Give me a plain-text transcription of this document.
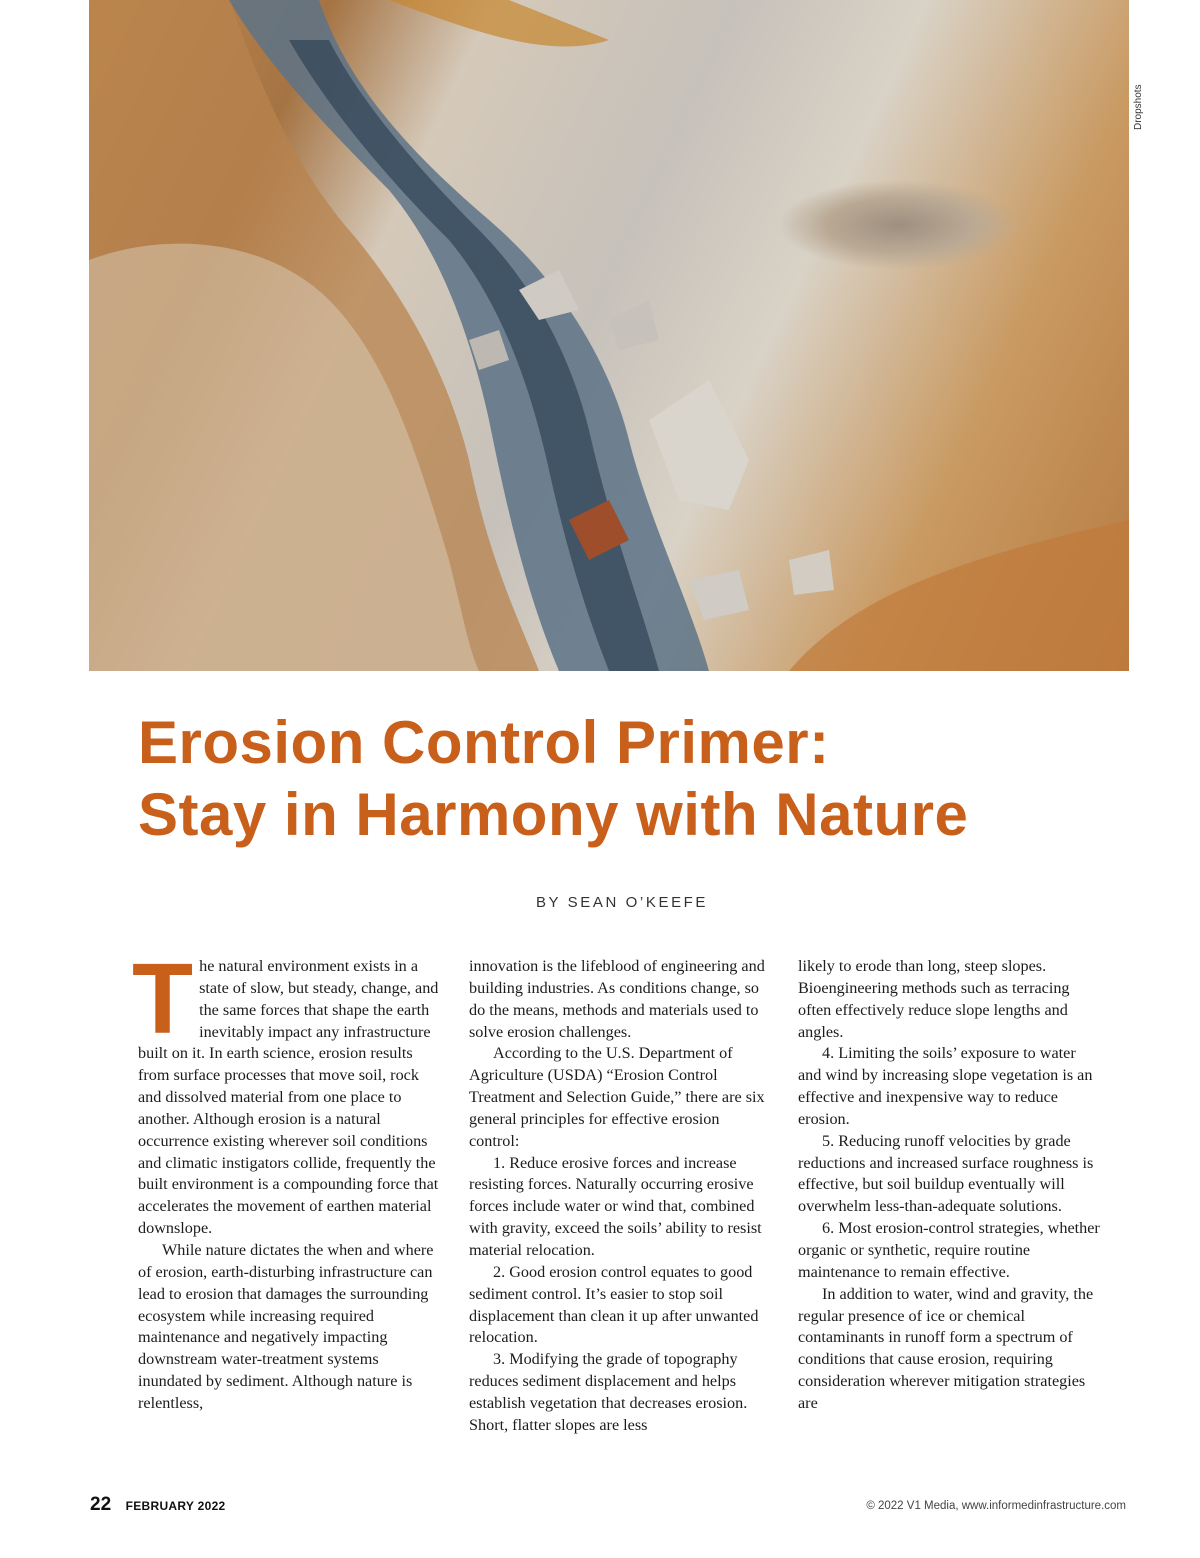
Dropshots
Erosion Control Primer:
Stay in Harmony with Nature
BY SEAN O’KEEFE
T he natural environment exists in a state of slow, but steady, change, and the same forces that shape the earth inevitably impact any infrastructure built on it. In earth science, erosion results from surface processes that move soil, rock and dissolved material from one place to another. Although erosion is a natural occurrence existing wherever soil conditions and climatic instigators collide, frequently the built environment is a compounding force that accelerates the movement of earthen material downslope.

While nature dictates the when and where of erosion, earth-disturbing infrastructure can lead to erosion that damages the surrounding ecosystem while increasing required maintenance and negatively impacting downstream water-treatment systems inundated by sediment. Although nature is relentless,

innovation is the lifeblood of engineering and building industries. As conditions change, so do the means, methods and materials used to solve erosion challenges.

According to the U.S. Department of Agriculture (USDA) “Erosion Control Treatment and Selection Guide,” there are six general principles for effective erosion control:

1. Reduce erosive forces and increase resisting forces. Naturally occurring erosive forces include water or wind that, combined with gravity, exceed the soils’ ability to resist material relocation.

2. Good erosion control equates to good sediment control. It’s easier to stop soil displacement than clean it up after unwanted relocation.

3. Modifying the grade of topography reduces sediment displacement and helps establish vegetation that decreases erosion. Short, flatter slopes are less

likely to erode than long, steep slopes. Bioengineering methods such as terracing often effectively reduce slope lengths and angles.

4. Limiting the soils’ exposure to water and wind by increasing slope vegetation is an effective and inexpensive way to reduce erosion.

5. Reducing runoff velocities by grade reductions and increased surface roughness is effective, but soil buildup eventually will overwhelm less-than-adequate solutions.

6. Most erosion-control strategies, whether organic or synthetic, require routine maintenance to remain effective.

In addition to water, wind and gravity, the regular presence of ice or chemical contaminants in runoff form a spectrum of conditions that cause erosion, requiring consideration wherever mitigation strategies are

22 FEBRUARY 2022	© 2022 V1 Media, www.informedinfrastructure.com
